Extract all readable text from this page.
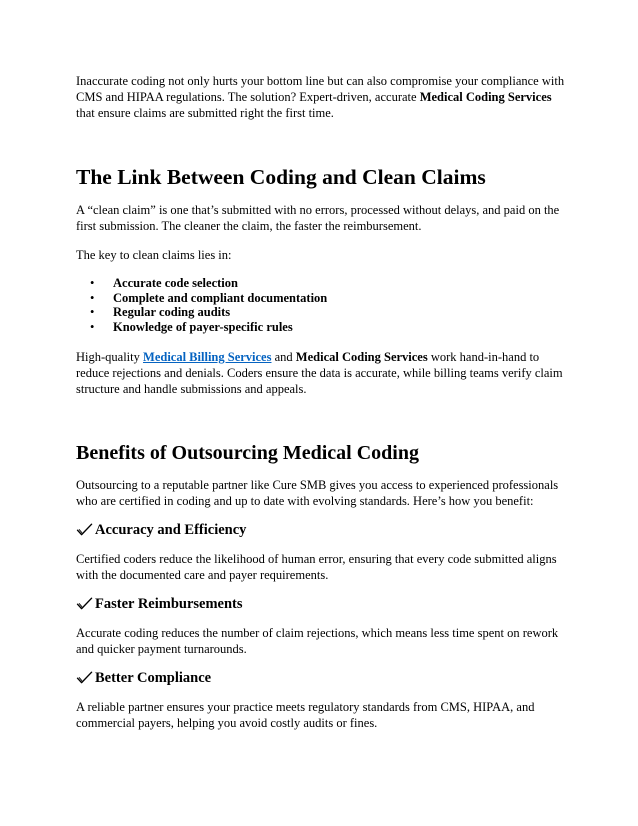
Inaccurate coding not only hurts your bottom line but can also compromise your compliance with CMS and HIPAA regulations. The solution? Expert-driven, accurate Medical Coding Services that ensure claims are submitted right the first time.

The Link Between Coding and Clean Claims

A “clean claim” is one that’s submitted with no errors, processed without delays, and paid on the first submission. The cleaner the claim, the faster the reimbursement.

The key to clean claims lies in:

• Accurate code selection
• Complete and compliant documentation
• Regular coding audits
• Knowledge of payer-specific rules

High-quality Medical Billing Services and Medical Coding Services work hand-in-hand to reduce rejections and denials. Coders ensure the data is accurate, while billing teams verify claim structure and handle submissions and appeals.

Benefits of Outsourcing Medical Coding

Outsourcing to a reputable partner like Cure SMB gives you access to experienced professionals who are certified in coding and up to date with evolving standards. Here’s how you benefit:

Accuracy and Efficiency

Certified coders reduce the likelihood of human error, ensuring that every code submitted aligns with the documented care and payer requirements.

Faster Reimbursements

Accurate coding reduces the number of claim rejections, which means less time spent on rework and quicker payment turnarounds.

Better Compliance

A reliable partner ensures your practice meets regulatory standards from CMS, HIPAA, and commercial payers, helping you avoid costly audits or fines.
